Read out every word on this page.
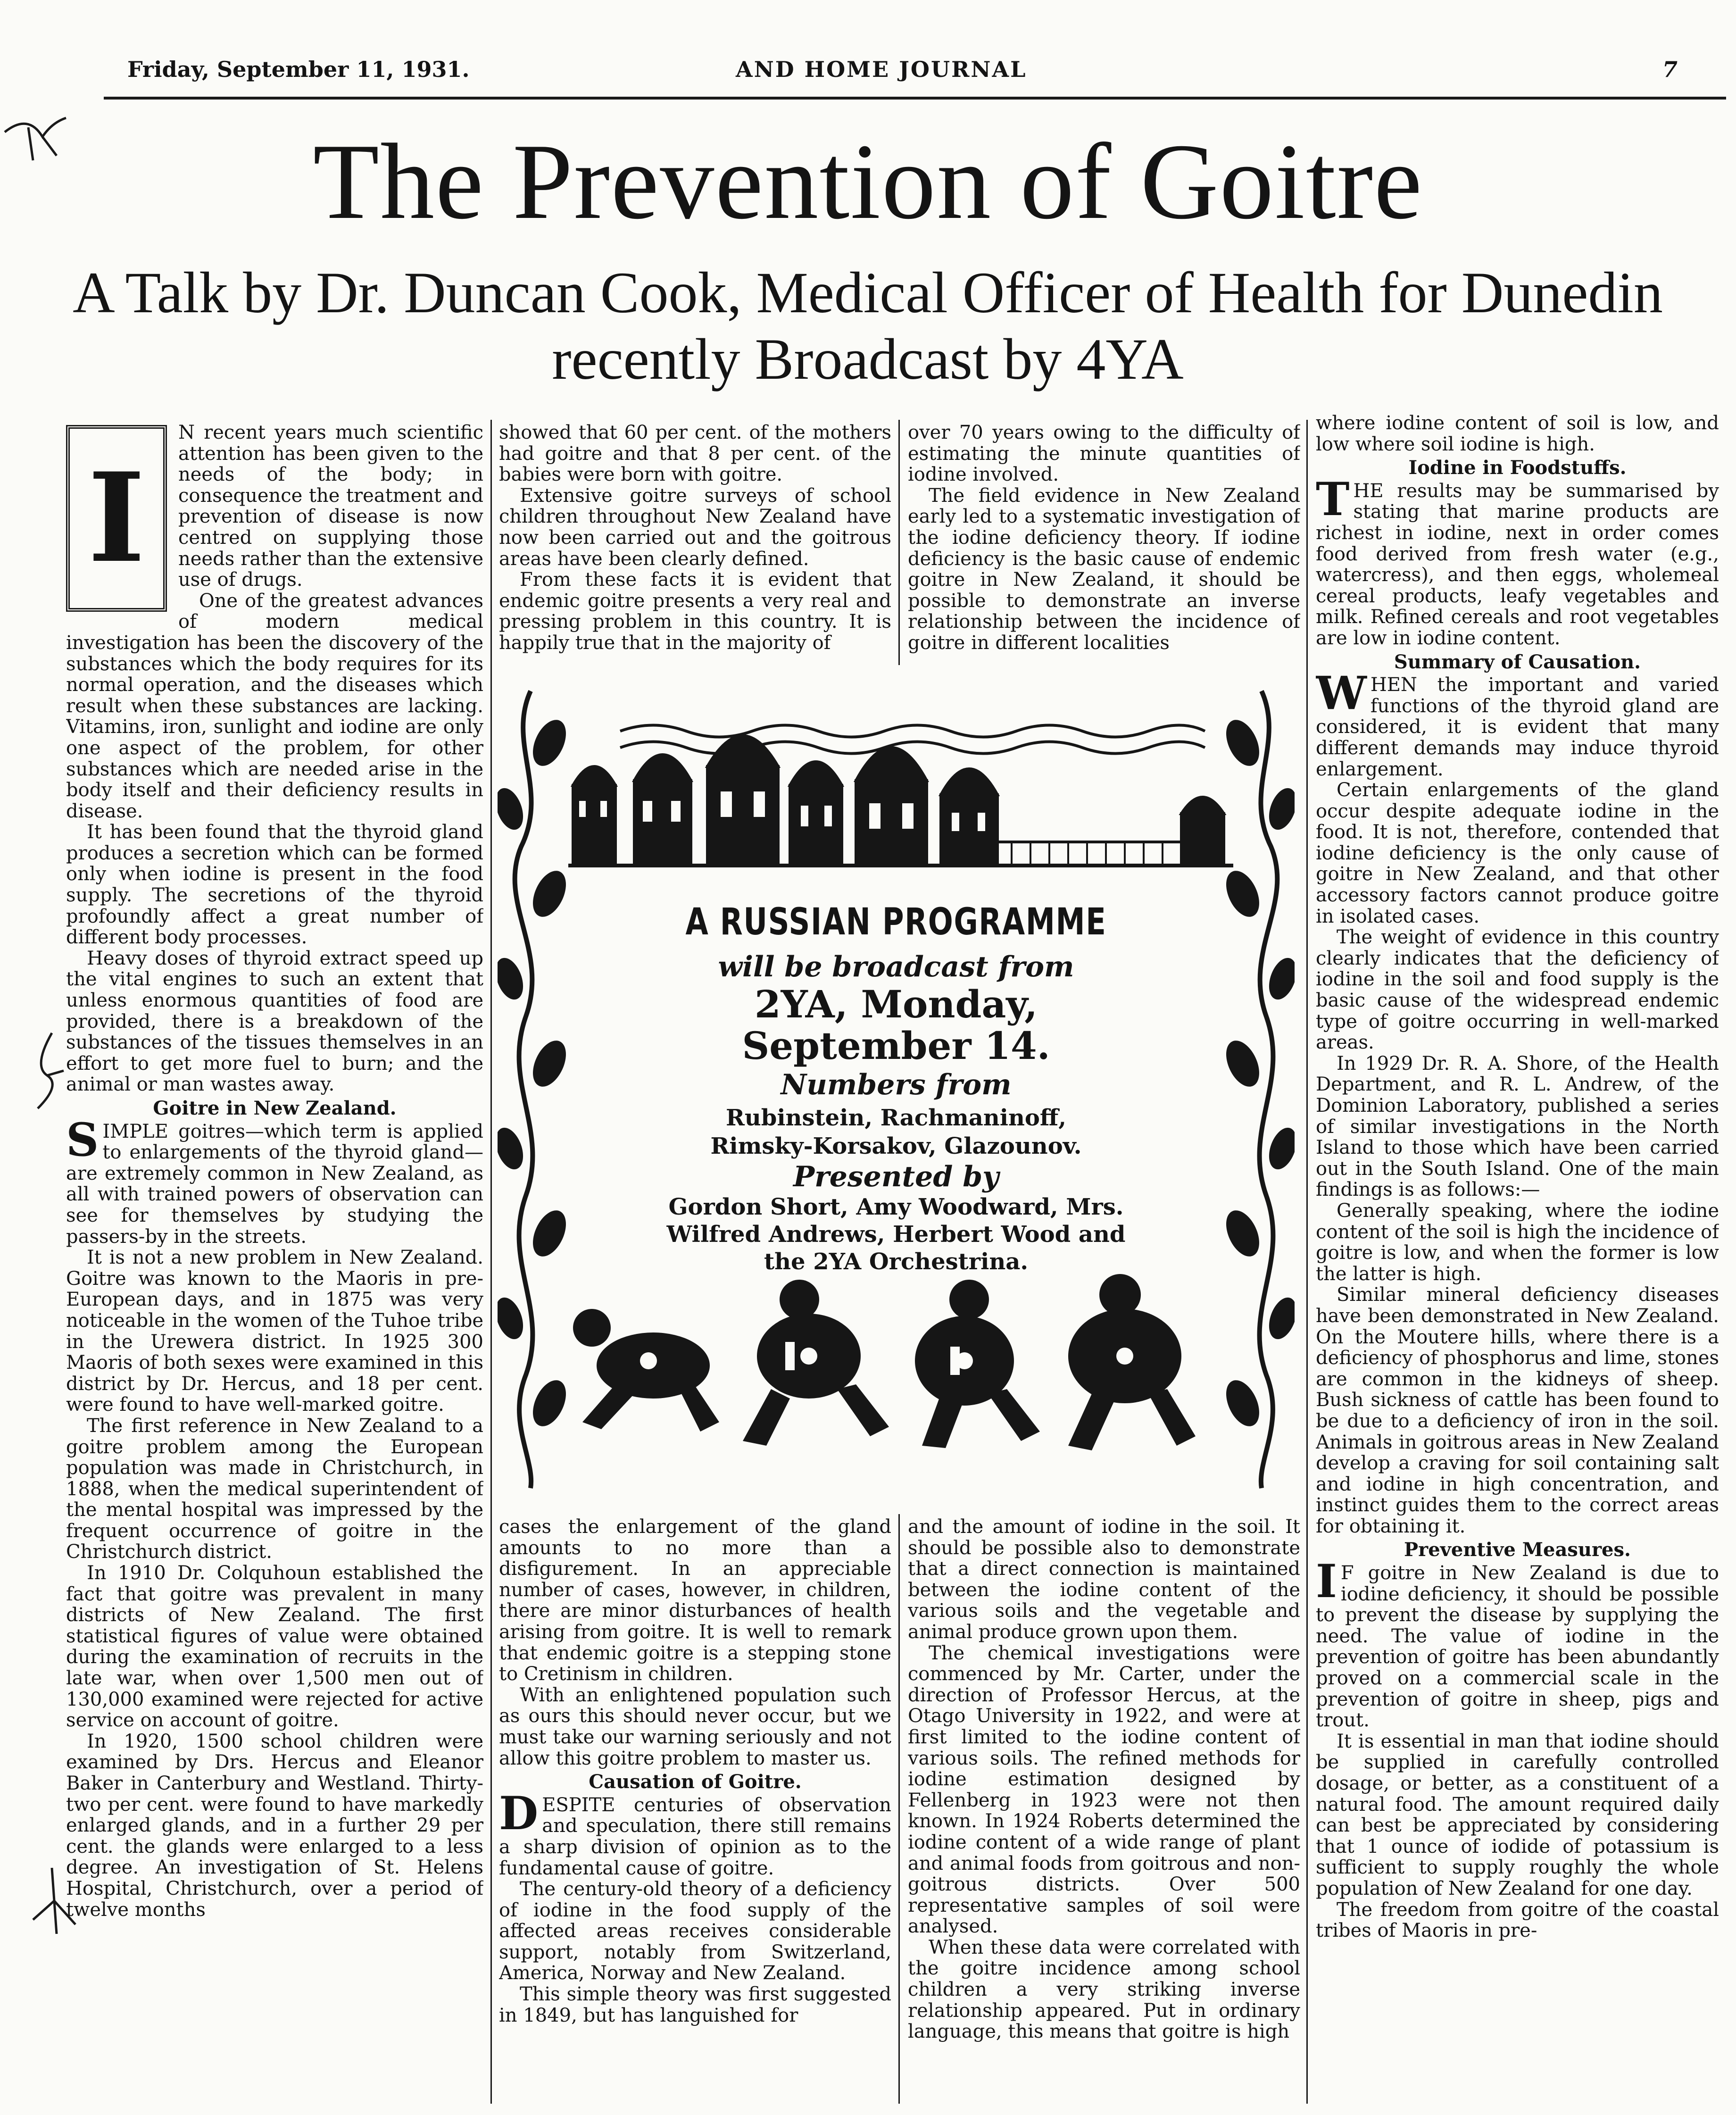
Friday, September 11, 1931.	AND HOME JOURNAL	7
The Prevention of Goitre
A Talk by Dr. Duncan Cook, Medical Officer of Health for Dunedin
recently Broadcast by 4YA
I

N recent years much scientific attention has been given to the needs of the body; in consequence the treatment and prevention of disease is now centred on supplying those needs rather than the extensive use of drugs.

One of the greatest advances of modern medical investigation has been the discovery of the substances which the body requires for its normal operation, and the diseases which result when these substances are lacking. Vitamins, iron, sunlight and iodine are only one aspect of the problem, for other substances which are needed arise in the body itself and their deficiency results in disease.

It has been found that the thyroid gland produces a secretion which can be formed only when iodine is present in the food supply. The secretions of the thyroid profoundly affect a great number of different body processes.

Heavy doses of thyroid extract speed up the vital engines to such an extent that unless enormous quantities of food are provided, there is a breakdown of the substances of the tissues themselves in an effort to get more fuel to burn; and the animal or man wastes away.

Goitre in New Zealand.

SIMPLE goitres—which term is applied to enlargements of the thyroid gland—are extremely common in New Zealand, as all with trained powers of observation can see for themselves by studying the passers-by in the streets.

It is not a new problem in New Zealand. Goitre was known to the Maoris in pre-European days, and in 1875 was very noticeable in the women of the Tuhoe tribe in the Urewera district. In 1925 300 Maoris of both sexes were examined in this district by Dr. Hercus, and 18 per cent. were found to have well-marked goitre.

The first reference in New Zealand to a goitre problem among the European population was made in Christchurch, in 1888, when the medical superintendent of the mental hospital was impressed by the frequent occurrence of goitre in the Christchurch district.

In 1910 Dr. Colquhoun established the fact that goitre was prevalent in many districts of New Zealand. The first statistical figures of value were obtained during the examination of recruits in the late war, when over 1,500 men out of 130,000 examined were rejected for active service on account of goitre.

In 1920, 1500 school children were examined by Drs. Hercus and Eleanor Baker in Canterbury and Westland. Thirty-two per cent. were found to have markedly enlarged glands, and in a further 29 per cent. the glands were enlarged to a less degree. An investigation of St. Helens Hospital, Christchurch, over a period of twelve months

showed that 60 per cent. of the mothers had goitre and that 8 per cent. of the babies were born with goitre.

Extensive goitre surveys of school children throughout New Zealand have now been carried out and the goitrous areas have been clearly defined.

From these facts it is evident that endemic goitre presents a very real and pressing problem in this country. It is happily true that in the majority of

over 70 years owing to the difficulty of estimating the minute quantities of iodine involved.

The field evidence in New Zealand early led to a systematic investigation of the iodine deficiency theory. If iodine deficiency is the basic cause of endemic goitre in New Zealand, it should be possible to demonstrate an inverse relationship between the incidence of goitre in different localities

A RUSSIAN PROGRAMME
will be broadcast from
2YA, Monday,
September 14.
Numbers from
Rubinstein, Rachmaninoff,
Rimsky-Korsakov, Glazounov.
Presented by
Gordon Short, Amy Woodward, Mrs.
Wilfred Andrews, Herbert Wood and
the 2YA Orchestrina.

cases the enlargement of the gland amounts to no more than a disfigurement. In an appreciable number of cases, however, in children, there are minor disturbances of health arising from goitre. It is well to remark that endemic goitre is a stepping stone to Cretinism in children.

With an enlightened population such as ours this should never occur, but we must take our warning seriously and not allow this goitre problem to master us.

Causation of Goitre.

DESPITE centuries of observation and speculation, there still remains a sharp division of opinion as to the fundamental cause of goitre.

The century-old theory of a deficiency of iodine in the food supply of the affected areas receives considerable support, notably from Switzerland, America, Norway and New Zealand.

This simple theory was first suggested in 1849, but has languished for

and the amount of iodine in the soil. It should be possible also to demonstrate that a direct connection is maintained between the iodine content of the various soils and the vegetable and animal produce grown upon them.

The chemical investigations were commenced by Mr. Carter, under the direction of Professor Hercus, at the Otago University in 1922, and were at first limited to the iodine content of various soils. The refined methods for iodine estimation designed by Fellenberg in 1923 were not then known. In 1924 Roberts determined the iodine content of a wide range of plant and animal foods from goitrous and non-goitrous districts. Over 500 representative samples of soil were analysed.

When these data were correlated with the goitre incidence among school children a very striking inverse relationship appeared. Put in ordinary language, this means that goitre is high

where iodine content of soil is low, and low where soil iodine is high.

Iodine in Foodstuffs.

THE results may be summarised by stating that marine products are richest in iodine, next in order comes food derived from fresh water (e.g., watercress), and then eggs, wholemeal cereal products, leafy vegetables and milk. Refined cereals and root vegetables are low in iodine content.

Summary of Causation.

WHEN the important and varied functions of the thyroid gland are considered, it is evident that many different demands may induce thyroid enlargement.

Certain enlargements of the gland occur despite adequate iodine in the food. It is not, therefore, contended that iodine deficiency is the only cause of goitre in New Zealand, and that other accessory factors cannot produce goitre in isolated cases.

The weight of evidence in this country clearly indicates that the deficiency of iodine in the soil and food supply is the basic cause of the widespread endemic type of goitre occurring in well-marked areas.

In 1929 Dr. R. A. Shore, of the Health Department, and R. L. Andrew, of the Dominion Laboratory, published a series of similar investigations in the North Island to those which have been carried out in the South Island. One of the main findings is as follows:—

Generally speaking, where the iodine content of the soil is high the incidence of goitre is low, and when the former is low the latter is high.

Similar mineral deficiency diseases have been demonstrated in New Zealand. On the Moutere hills, where there is a deficiency of phosphorus and lime, stones are common in the kidneys of sheep. Bush sickness of cattle has been found to be due to a deficiency of iron in the soil. Animals in goitrous areas in New Zealand develop a craving for soil containing salt and iodine in high concentration, and instinct guides them to the correct areas for obtaining it.

Preventive Measures.

I F goitre in New Zealand is due to iodine deficiency, it should be possible to prevent the disease by supplying the need. The value of iodine in the prevention of goitre has been abundantly proved on a commercial scale in the prevention of goitre in sheep, pigs and trout.

It is essential in man that iodine should be supplied in carefully controlled dosage, or better, as a constituent of a natural food. The amount required daily can best be appreciated by considering that 1 ounce of iodide of potassium is sufficient to supply roughly the whole population of New Zealand for one day.

The freedom from goitre of the coastal tribes of Maoris in pre-
